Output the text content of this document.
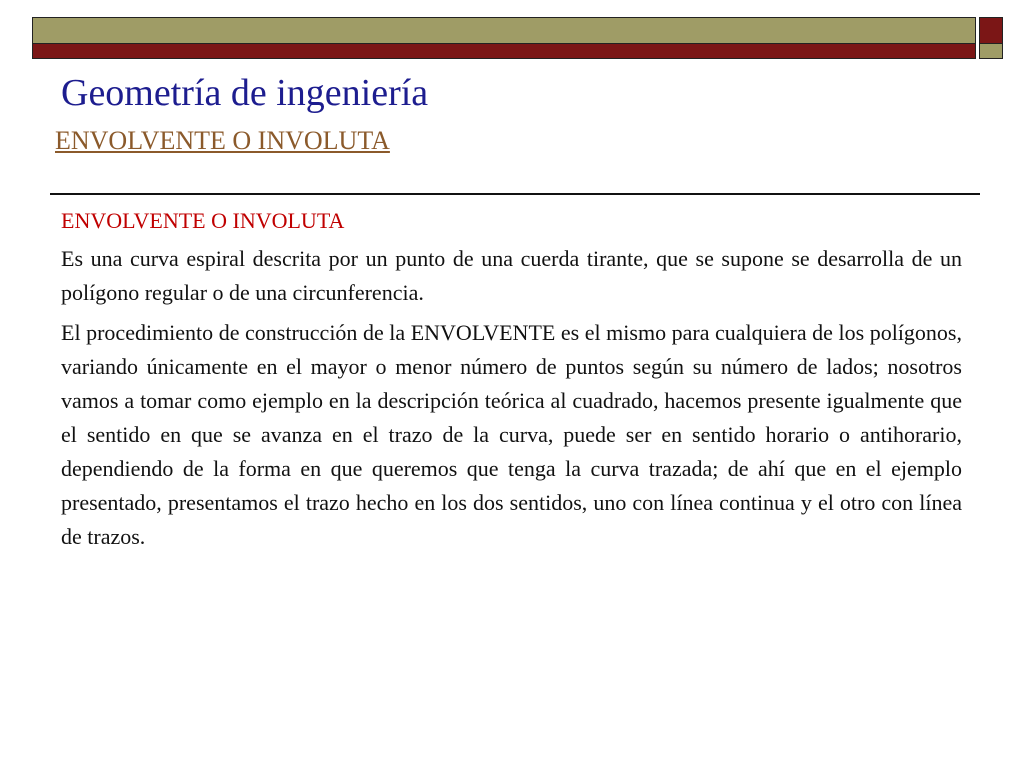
Geometría de ingeniería
ENVOLVENTE O INVOLUTA

ENVOLVENTE O INVOLUTA

Es una curva espiral descrita por un punto de una cuerda tirante, que se supone se desarrolla de un polígono regular o de una circunferencia.

El procedimiento de construcción de la ENVOLVENTE es el mismo para cualquiera de los polígonos, variando únicamente en el mayor o menor número de puntos según su número de lados; nosotros vamos a tomar como ejemplo en la descripción teórica al cuadrado, hacemos presente igualmente que el sentido en que se avanza en el trazo de la curva, puede ser en sentido horario o antihorario, dependiendo de la forma en que queremos que tenga la curva trazada; de ahí que en el ejemplo presentado, presentamos el trazo hecho en los dos sentidos, uno con línea continua y el otro con línea de trazos.
